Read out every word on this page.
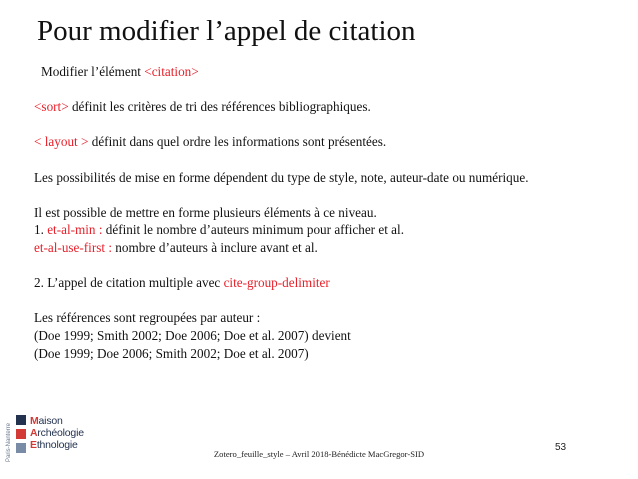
Pour modifier l’appel de citation

Modifier l’élément <citation>

<sort> définit les critères de tri des références bibliographiques.

< layout > définit dans quel ordre les informations sont présentées.

Les possibilités de mise en forme dépendent du type de style, note, auteur-date ou numérique.

Il est possible de mettre en forme plusieurs éléments à ce niveau.

1. et-al-min : définit le nombre d’auteurs minimum pour afficher et al.

et-al-use-first : nombre d’auteurs à inclure avant et al.

2. L’appel de citation multiple avec cite-group-delimiter

Les références sont regroupées par auteur :

(Doe 1999; Smith 2002; Doe 2006; Doe et al. 2007) devient

(Doe 1999; Doe 2006; Smith 2002; Doe et al. 2007)

Paris-Nanterre
Maison
Archéologie
Ethnologie	53
Zotero_feuille_style – Avril 2018-Bénédicte MacGregor-SID
